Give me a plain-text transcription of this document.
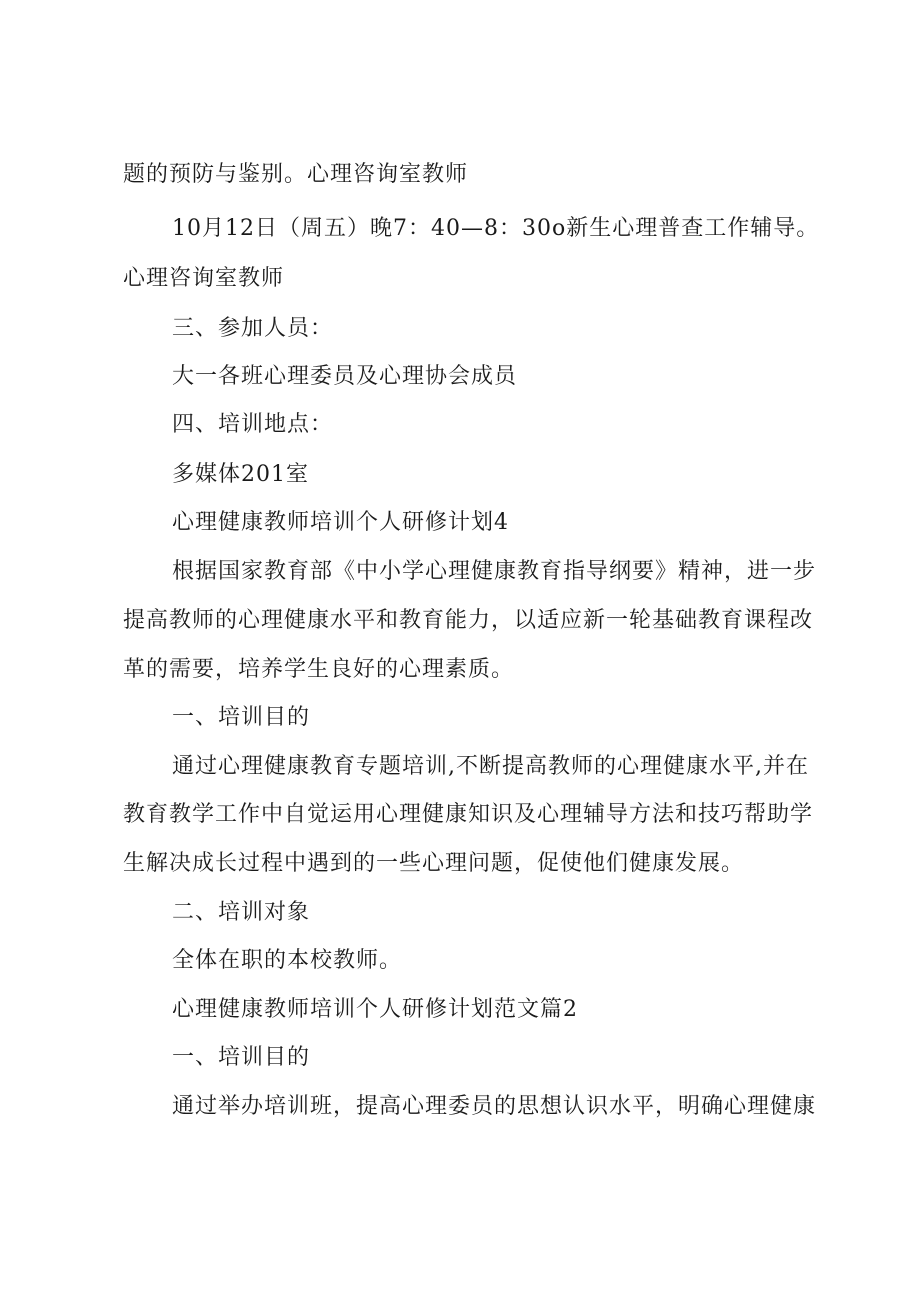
题的预防与鉴别。心理咨询室教师
10月12日（周五）晚7：40—8：30o新生心理普查工作辅导。
心理咨询室教师
三、参加人员：
大一各班心理委员及心理协会成员
四、培训地点：
多媒体201室
心理健康教师培训个人研修计划4
根据国家教育部《中小学心理健康教育指导纲要》精神，进一步
提高教师的心理健康水平和教育能力，以适应新一轮基础教育课程改
革的需要，培养学生良好的心理素质。
一、培训目的
通过心理健康教育专题培训,不断提高教师的心理健康水平,并在
教育教学工作中自觉运用心理健康知识及心理辅导方法和技巧帮助学
生解决成长过程中遇到的一些心理问题，促使他们健康发展。
二、培训对象
全体在职的本校教师。
心理健康教师培训个人研修计划范文篇2
一、培训目的
通过举办培训班，提高心理委员的思想认识水平，明确心理健康
